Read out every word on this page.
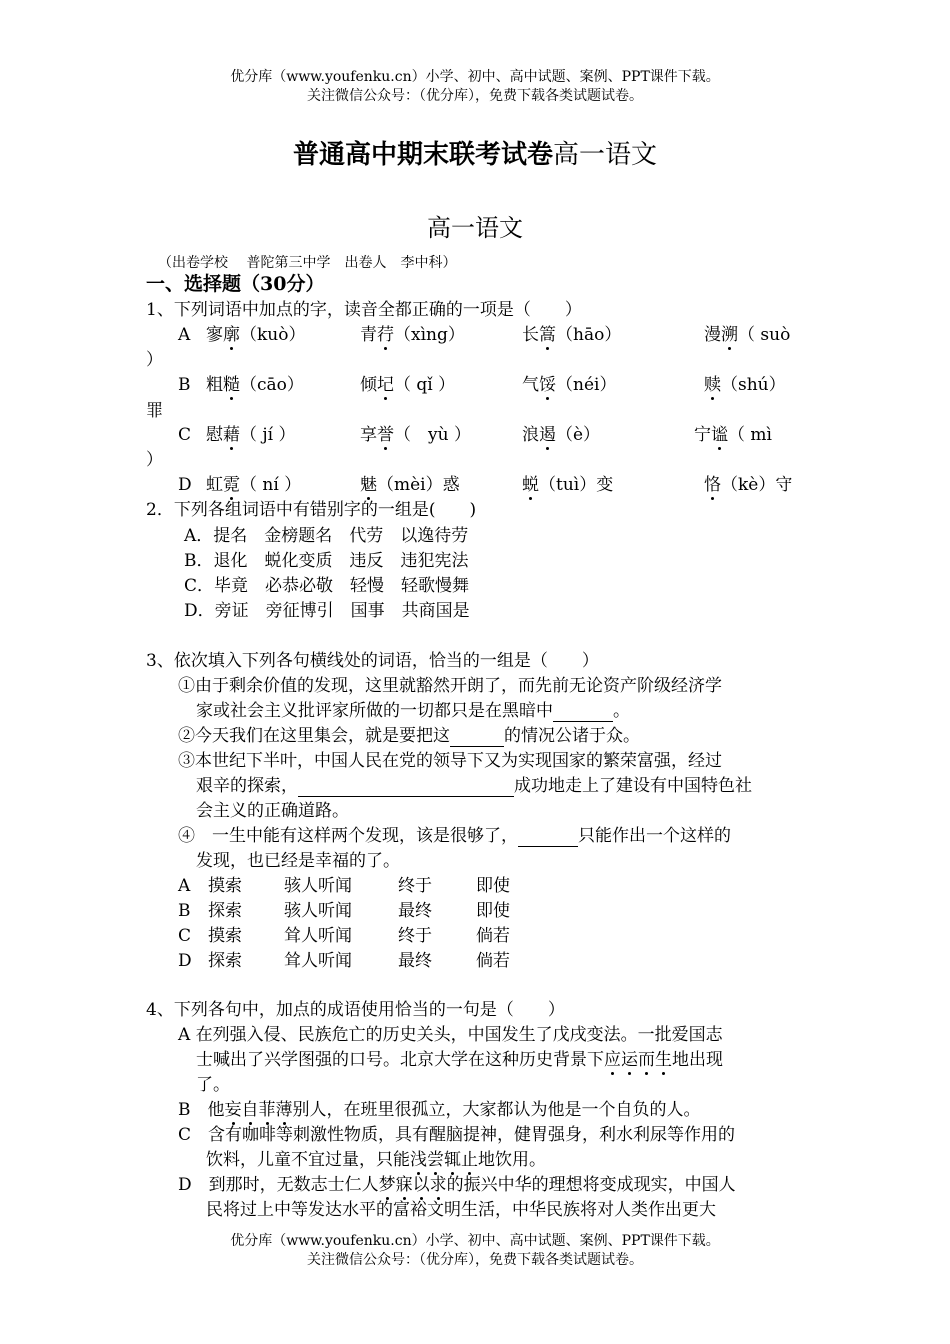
优分库（www.youfenku.cn）小学、初中、高中试题、案例、PPT课件下载。
关注微信公众号：（优分库），免费下载各类试题试卷。
普通高中期末联考试卷高一语文
高一语文
（出卷学校　 普陀第三中学　出卷人　李中科）
一、选择题（30分）
1、下列词语中加点的字，读音全都正确的一项是（　　）
A 寥廓（kuò）	青荇（xìng）	长篙（hāo）	漫溯（ suò
）
B 粗糙（cāo）	倾圮（ qǐ ）	气馁（néi）	赎（shú）
罪
C 慰藉（ jí ）	享誉（　yù ）	浪遏（è）	宁谧（ mì
）
D 虹霓（ ní ）	魅（mèi）惑	蜕（tuì）变	恪（kè）守
2．下列各组词语中有错别字的一组是(　　)
A．提名　金榜题名　代劳　以逸待劳
B．退化　蜕化变质　违反　违犯宪法
C．毕竟　必恭必敬　轻慢　轻歌慢舞
D．旁证　旁征博引　国事　共商国是
3、依次填入下列各句横线处的词语，恰当的一组是（　　）
①由于剩余价值的发现，这里就豁然开朗了，而先前无论资产阶级经济学
家或社会主义批评家所做的一切都只是在黑暗中	。
②今天我们在这里集会，就是要把这	的情况公诸于众。
③本世纪下半叶，中国人民在党的领导下又为实现国家的繁荣富强，经过
艰辛的探索，	成功地走上了建设有中国特色社
会主义的正确道路。
④　一生中能有这样两个发现，该是很够了，	只能作出一个这样的
发现，也已经是幸福的了。
A 摸索 骇人听闻	终于	即使
B 探索 骇人听闻	最终	即使
C 摸索 耸人听闻	终于	倘若
D 探索 耸人听闻	最终	倘若
4、下列各句中，加点的成语使用恰当的一句是（　　）
A 在列强入侵、民族危亡的历史关头，中国发生了戊戌变法。一批爱国志
士喊出了兴学图强的口号。北京大学在这种历史背景下应运而生地出现
了。
B　他妄自菲薄别人，在班里很孤立，大家都认为他是一个自负的人。
C　含有咖啡等刺激性物质，具有醒脑提神，健胃强身，利水利尿等作用的
饮料，儿童不宜过量，只能浅尝辄止地饮用。
D　到那时，无数志士仁人梦寐以求的振兴中华的理想将变成现实，中国人
民将过上中等发达水平的富裕文明生活，中华民族将对人类作出更大
优分库（www.youfenku.cn）小学、初中、高中试题、案例、PPT课件下载。
关注微信公众号：（优分库），免费下载各类试题试卷。
